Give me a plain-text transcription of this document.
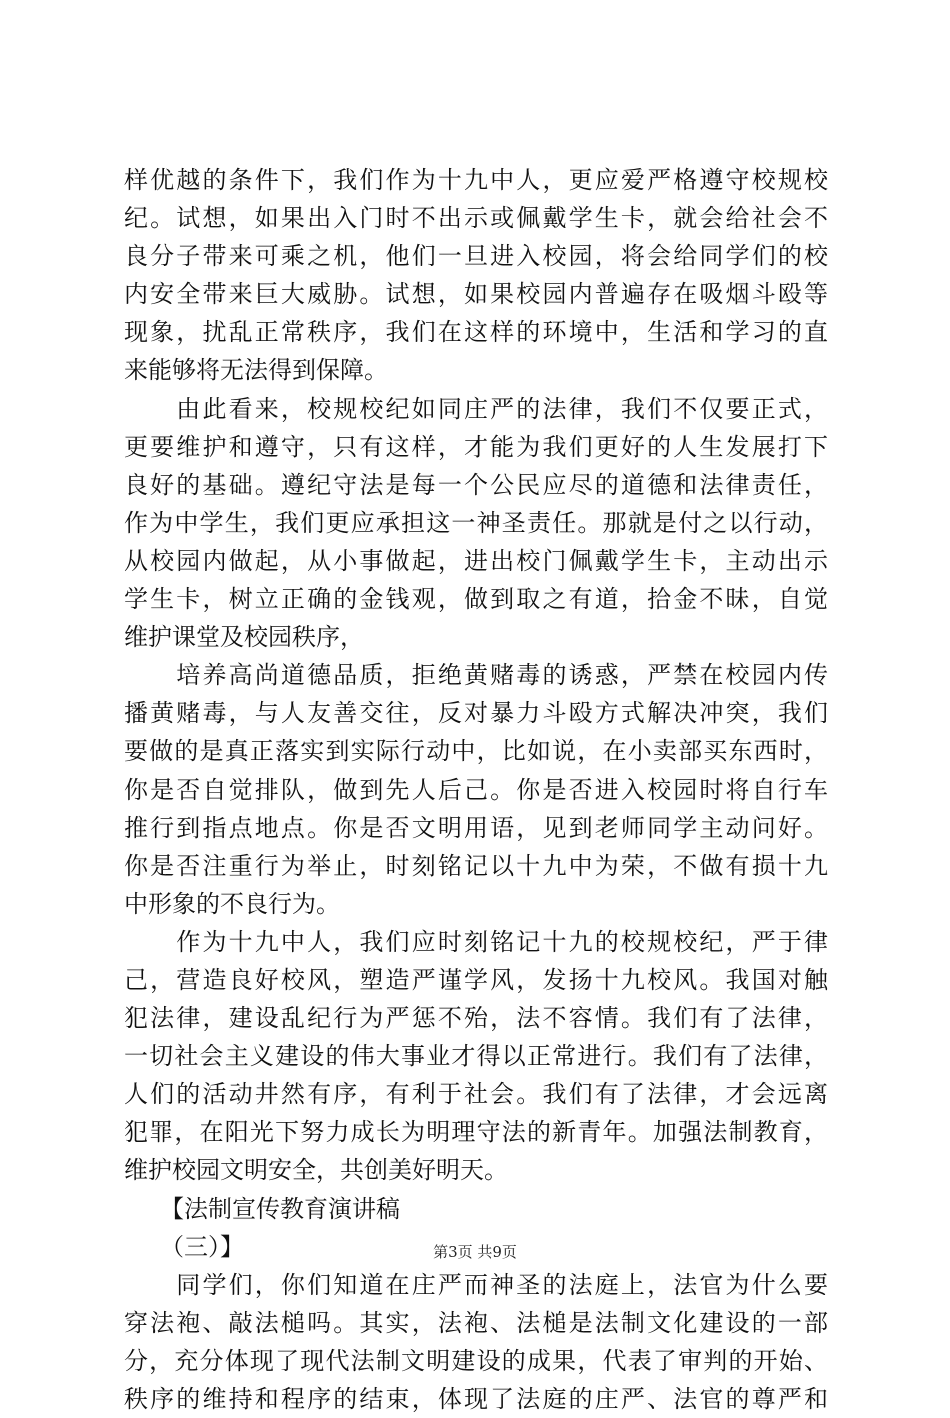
样优越的条件下，我们作为十九中人，更应爱严格遵守校规校
纪。试想，如果出入门时不出示或佩戴学生卡，就会给社会不
良分子带来可乘之机，他们一旦进入校园，将会给同学们的校
内安全带来巨大威胁。试想，如果校园内普遍存在吸烟斗殴等
现象，扰乱正常秩序，我们在这样的环境中，生活和学习的直
来能够将无法得到保障。
　　由此看来，校规校纪如同庄严的法律，我们不仅要正式，
更要维护和遵守，只有这样，才能为我们更好的人生发展打下
良好的基础。遵纪守法是每一个公民应尽的道德和法律责任，
作为中学生，我们更应承担这一神圣责任。那就是付之以行动，
从校园内做起，从小事做起，进出校门佩戴学生卡，主动出示
学生卡，树立正确的金钱观，做到取之有道，拾金不昧，自觉
维护课堂及校园秩序，
　　培养高尚道德品质，拒绝黄赌毒的诱惑，严禁在校园内传
播黄赌毒，与人友善交往，反对暴力斗殴方式解决冲突，我们
要做的是真正落实到实际行动中，比如说，在小卖部买东西时，
你是否自觉排队，做到先人后己。你是否进入校园时将自行车
推行到指点地点。你是否文明用语，见到老师同学主动问好。
你是否注重行为举止，时刻铭记以十九中为荣，不做有损十九
中形象的不良行为。
　　作为十九中人，我们应时刻铭记十九的校规校纪，严于律
己，营造良好校风，塑造严谨学风，发扬十九校风。我国对触
犯法律，建设乱纪行为严惩不殆，法不容情。我们有了法律，
一切社会主义建设的伟大事业才得以正常进行。我们有了法律，
人们的活动井然有序，有利于社会。我们有了法律，才会远离
犯罪，在阳光下努力成长为明理守法的新青年。加强法制教育，
维护校园文明安全，共创美好明天。
　　【法制宣传教育演讲稿
　　（三）】
　　同学们，你们知道在庄严而神圣的法庭上，法官为什么要
穿法袍、敲法槌吗。其实，法袍、法槌是法制文化建设的一部
分，充分体现了现代法制文明建设的成果，代表了审判的开始、
秩序的维持和程序的结束，体现了法庭的庄严、法官的尊严和
第3页 共9页
